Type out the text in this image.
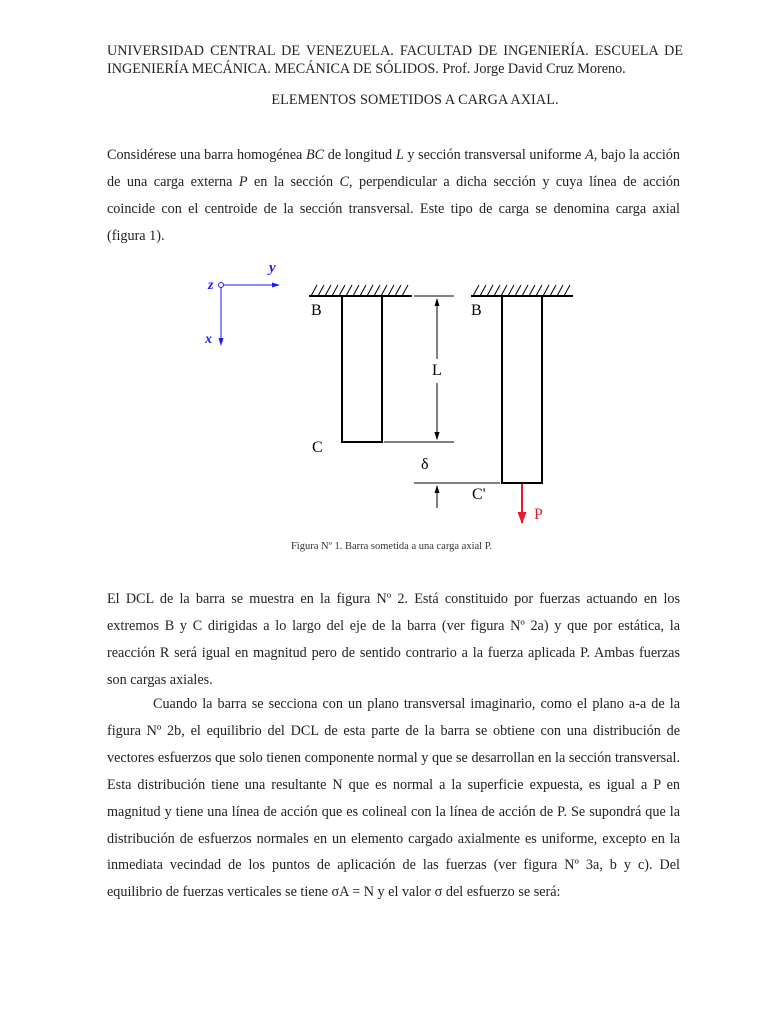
UNIVERSIDAD CENTRAL DE VENEZUELA. FACULTAD DE INGENIERÍA. ESCUELA DE
INGENIERÍA MECÁNICA. MECÁNICA DE SÓLIDOS. Prof. Jorge David Cruz Moreno.
ELEMENTOS SOMETIDOS A CARGA AXIAL.
Considérese una barra homogénea BC de longitud L y sección transversal uniforme A, bajo la acción de una carga externa P en la sección C, perpendicular a dicha sección y cuya línea de acción coincide con el centroide de la sección transversal. Este tipo de carga se denomina carga axial (figura 1).
z
y
x
B	B
C
C'
L
δ
P
Figura Nº 1. Barra sometida a una carga axial P.
El DCL de la barra se muestra en la figura Nº 2. Está constituido por fuerzas actuando en los extremos B y C dirigidas a lo largo del eje de la barra (ver figura Nº 2a) y que por estática, la reacción R será igual en magnitud pero de sentido contrario a la fuerza aplicada P. Ambas fuerzas son cargas axiales.
Cuando la barra se secciona con un plano transversal imaginario, como el plano a-a de la figura Nº 2b, el equilibrio del DCL de esta parte de la barra se obtiene con una distribución de vectores esfuerzos que solo tienen componente normal y que se desarrollan en la sección transversal. Esta distribución tiene una resultante N que es normal a la superficie expuesta, es igual a P en magnitud y tiene una línea de acción que es colineal con la línea de acción de P. Se supondrá que la distribución de esfuerzos normales en un elemento cargado axialmente es uniforme, excepto en la inmediata vecindad de los puntos de aplicación de las fuerzas (ver figura Nº 3a, b y c). Del equilibrio de fuerzas verticales se tiene σA = N y el valor σ del esfuerzo se será:
